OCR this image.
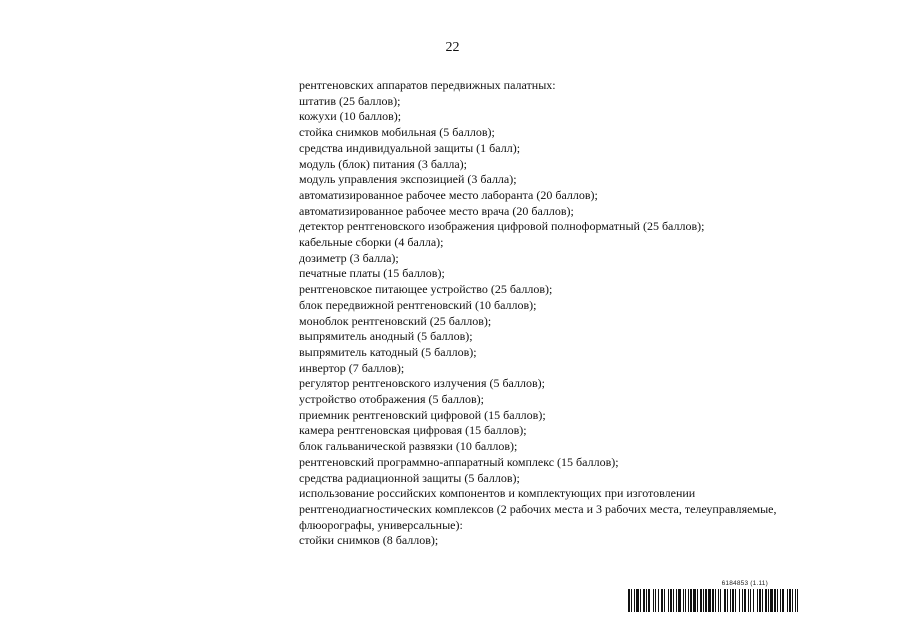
22
рентгеновских аппаратов передвижных палатных:
штатив (25 баллов);
кожухи (10 баллов);
стойка снимков мобильная (5 баллов);
средства индивидуальной защиты (1 балл);
модуль (блок) питания (3 балла);
модуль управления экспозицией (3 балла);
автоматизированное рабочее место лаборанта (20 баллов);
автоматизированное рабочее место врача (20 баллов);
детектор рентгеновского изображения цифровой полноформатный (25 баллов);
кабельные сборки (4 балла);
дозиметр (3 балла);
печатные платы (15 баллов);
рентгеновское питающее устройство (25 баллов);
блок передвижной рентгеновский (10 баллов);
моноблок рентгеновский (25 баллов);
выпрямитель анодный (5 баллов);
выпрямитель катодный (5 баллов);
инвертор (7 баллов);
регулятор рентгеновского излучения (5 баллов);
устройство отображения (5 баллов);
приемник рентгеновский цифровой (15 баллов);
камера рентгеновская цифровая (15 баллов);
блок гальванической развязки (10 баллов);
рентгеновский программно-аппаратный комплекс (15 баллов);
средства радиационной защиты (5 баллов);
использование российских компонентов и комплектующих при изготовлении
рентгенодиагностических комплексов (2 рабочих места и 3 рабочих места, телеуправляемые,
флюорографы, универсальные):
стойки снимков (8 баллов);
6184853 (1.11)
